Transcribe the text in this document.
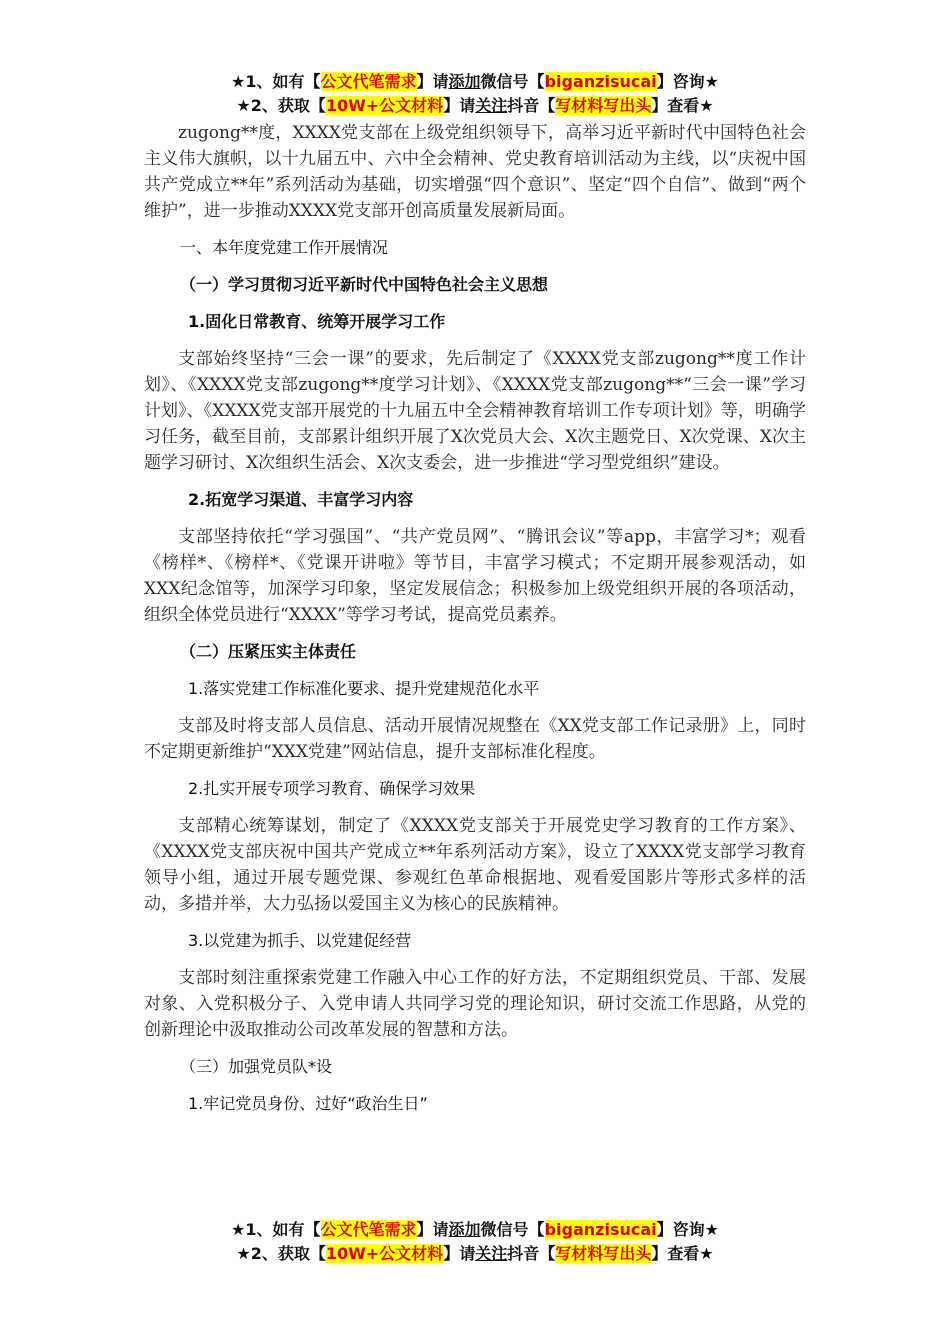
★1、如有【公文代笔需求】请添加微信号【biganzisucai】咨询★
★2、获取【10W+公文材料】请关注抖音【写材料写出头】查看★

zugong**度，XXXX党支部在上级党组织领导下，高举习近平新时代中国特色社会主义伟大旗帜，以十九届五中、六中全会精神、党史教育培训活动为主线，以“庆祝中国共产党成立**年”系列活动为基础，切实增强“四个意识”、坚定“四个自信”、做到“两个维护”，进一步推动XXXX党支部开创高质量发展新局面。

一、本年度党建工作开展情况

（一）学习贯彻习近平新时代中国特色社会主义思想

1.固化日常教育、统筹开展学习工作

支部始终坚持“三会一课”的要求，先后制定了《XXXX党支部zugong**度工作计划》、《XXXX党支部zugong**度学习计划》、《XXXX党支部zugong**“三会一课”学习计划》、《XXXX党支部开展党的十九届五中全会精神教育培训工作专项计划》等，明确学习任务，截至目前，支部累计组织开展了X次党员大会、X次主题党日、X次党课、X次主题学习研讨、X次组织生活会、X次支委会，进一步推进“学习型党组织”建设。

2.拓宽学习渠道、丰富学习内容

支部坚持依托“学习强国”、“共产党员网”、“腾讯会议”等app，丰富学习*；观看《榜样*、《榜样*、《党课开讲啦》等节目，丰富学习模式；不定期开展参观活动，如XXX纪念馆等，加深学习印象，坚定发展信念；积极参加上级党组织开展的各项活动，组织全体党员进行“XXXX”等学习考试，提高党员素养。

（二）压紧压实主体责任

1.落实党建工作标准化要求、提升党建规范化水平

支部及时将支部人员信息、活动开展情况规整在《XX党支部工作记录册》上，同时不定期更新维护“XXX党建”网站信息，提升支部标准化程度。

2.扎实开展专项学习教育、确保学习效果

支部精心统筹谋划，制定了《XXXX党支部关于开展党史学习教育的工作方案》、《XXXX党支部庆祝中国共产党成立**年系列活动方案》，设立了XXXX党支部学习教育领导小组，通过开展专题党课、参观红色革命根据地、观看爱国影片等形式多样的活动，多措并举，大力弘扬以爱国主义为核心的民族精神。

3.以党建为抓手、以党建促经营

支部时刻注重探索党建工作融入中心工作的好方法，不定期组织党员、干部、发展对象、入党积极分子、入党申请人共同学习党的理论知识，研讨交流工作思路，从党的创新理论中汲取推动公司改革发展的智慧和方法。

（三）加强党员队*设

1.牢记党员身份、过好“政治生日”

★1、如有【公文代笔需求】请添加微信号【biganzisucai】咨询★
★2、获取【10W+公文材料】请关注抖音【写材料写出头】查看★
